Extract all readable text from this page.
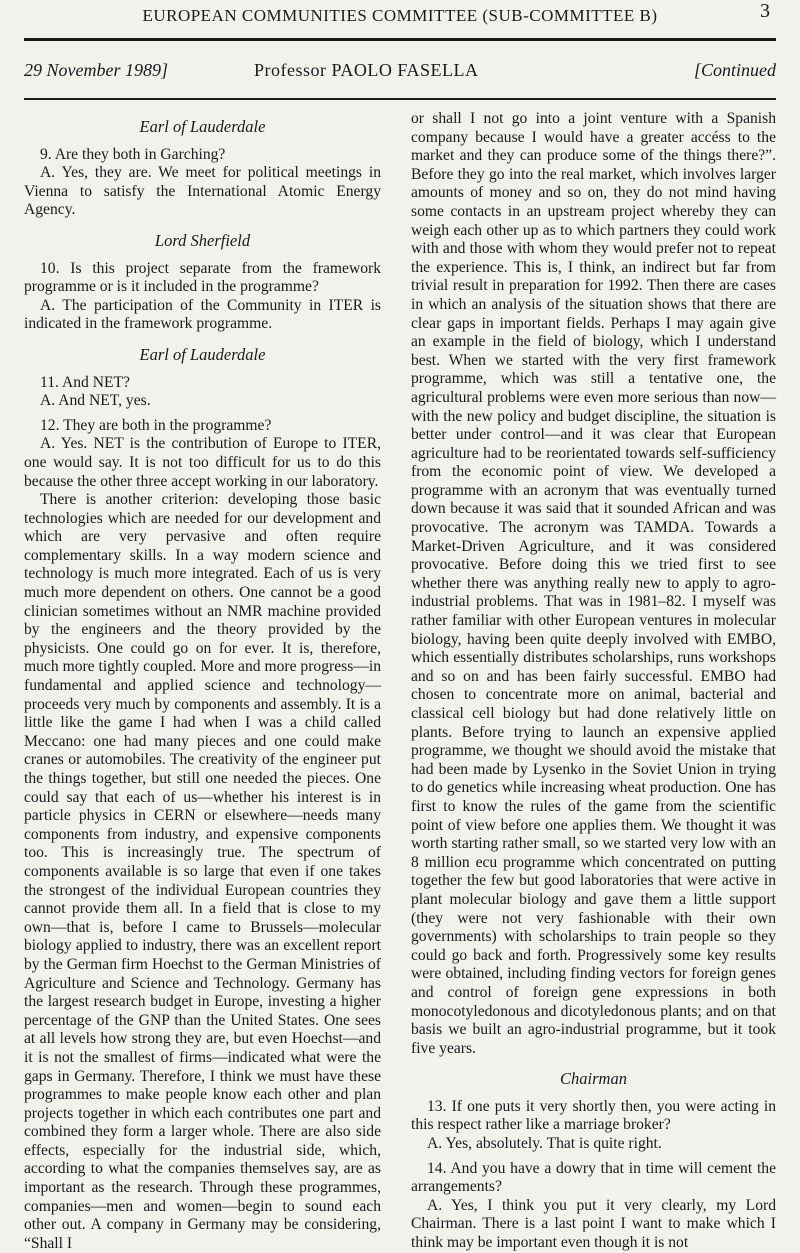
EUROPEAN COMMUNITIES COMMITTEE (SUB-COMMITTEE B)	3
29 November 1989]	Professor PAOLO FASELLA	[Continued
Earl of Lauderdale

9. Are they both in Garching?

A. Yes, they are. We meet for political meetings in Vienna to satisfy the International Atomic Energy Agency.

Lord Sherfield

10. Is this project separate from the framework programme or is it included in the programme?

A. The participation of the Community in ITER is indicated in the framework programme.

Earl of Lauderdale

11. And NET?

A. And NET, yes.

12. They are both in the programme?

A. Yes. NET is the contribution of Europe to ITER, one would say. It is not too difficult for us to do this because the other three accept working in our laboratory.

There is another criterion: developing those basic technologies which are needed for our development and which are very pervasive and often require complementary skills. In a way modern science and technology is much more integrated. Each of us is very much more dependent on others. One cannot be a good clinician sometimes without an NMR machine provided by the engineers and the theory provided by the physicists. One could go on for ever. It is, therefore, much more tightly coupled. More and more progress—in fundamental and applied science and technology—proceeds very much by components and assembly. It is a little like the game I had when I was a child called Meccano: one had many pieces and one could make cranes or automobiles. The creativity of the engineer put the things together, but still one needed the pieces. One could say that each of us—whether his interest is in particle physics in CERN or elsewhere—needs many components from industry, and expensive components too. This is increasingly true. The spectrum of components available is so large that even if one takes the strongest of the individual European countries they cannot provide them all. In a field that is close to my own—that is, before I came to Brussels—molecular biology applied to industry, there was an excellent report by the German firm Hoechst to the German Ministries of Agriculture and Science and Technology. Germany has the largest research budget in Europe, investing a higher percentage of the GNP than the United States. One sees at all levels how strong they are, but even Hoechst—and it is not the smallest of firms—indicated what were the gaps in Germany. Therefore, I think we must have these programmes to make people know each other and plan projects together in which each contributes one part and combined they form a larger whole. There are also side effects, especially for the industrial side, which, according to what the companies themselves say, are as important as the research. Through these programmes, companies—men and women—begin to sound each other out. A company in Germany may be considering, “Shall I

or shall I not go into a joint venture with a Spanish company because I would have a greater accéss to the market and they can produce some of the things there?”. Before they go into the real market, which involves larger amounts of money and so on, they do not mind having some contacts in an upstream project whereby they can weigh each other up as to which partners they could work with and those with whom they would prefer not to repeat the experience. This is, I think, an indirect but far from trivial result in preparation for 1992. Then there are cases in which an analysis of the situation shows that there are clear gaps in important fields. Perhaps I may again give an example in the field of biology, which I understand best. When we started with the very first framework programme, which was still a tentative one, the agricultural problems were even more serious than now—with the new policy and budget discipline, the situation is better under control—and it was clear that European agriculture had to be reorientated towards self-sufficiency from the economic point of view. We developed a programme with an acronym that was eventually turned down because it was said that it sounded African and was provocative. The acronym was TAMDA. Towards a Market-Driven Agriculture, and it was considered provocative. Before doing this we tried first to see whether there was anything really new to apply to agro-industrial problems. That was in 1981–82. I myself was rather familiar with other European ventures in molecular biology, having been quite deeply involved with EMBO, which essentially distributes scholarships, runs workshops and so on and has been fairly successful. EMBO had chosen to concentrate more on animal, bacterial and classical cell biology but had done relatively little on plants. Before trying to launch an expensive applied programme, we thought we should avoid the mistake that had been made by Lysenko in the Soviet Union in trying to do genetics while increasing wheat production. One has first to know the rules of the game from the scientific point of view before one applies them. We thought it was worth starting rather small, so we started very low with an 8 million ecu programme which concentrated on putting together the few but good laboratories that were active in plant molecular biology and gave them a little support (they were not very fashionable with their own governments) with scholarships to train people so they could go back and forth. Progressively some key results were obtained, including finding vectors for foreign genes and control of foreign gene expressions in both monocotyledonous and dicotyledonous plants; and on that basis we built an agro-industrial programme, but it took five years.

Chairman

13. If one puts it very shortly then, you were acting in this respect rather like a marriage broker?

A. Yes, absolutely. That is quite right.

14. And you have a dowry that in time will cement the arrangements?

A. Yes, I think you put it very clearly, my Lord Chairman. There is a last point I want to make which I think may be important even though it is not
